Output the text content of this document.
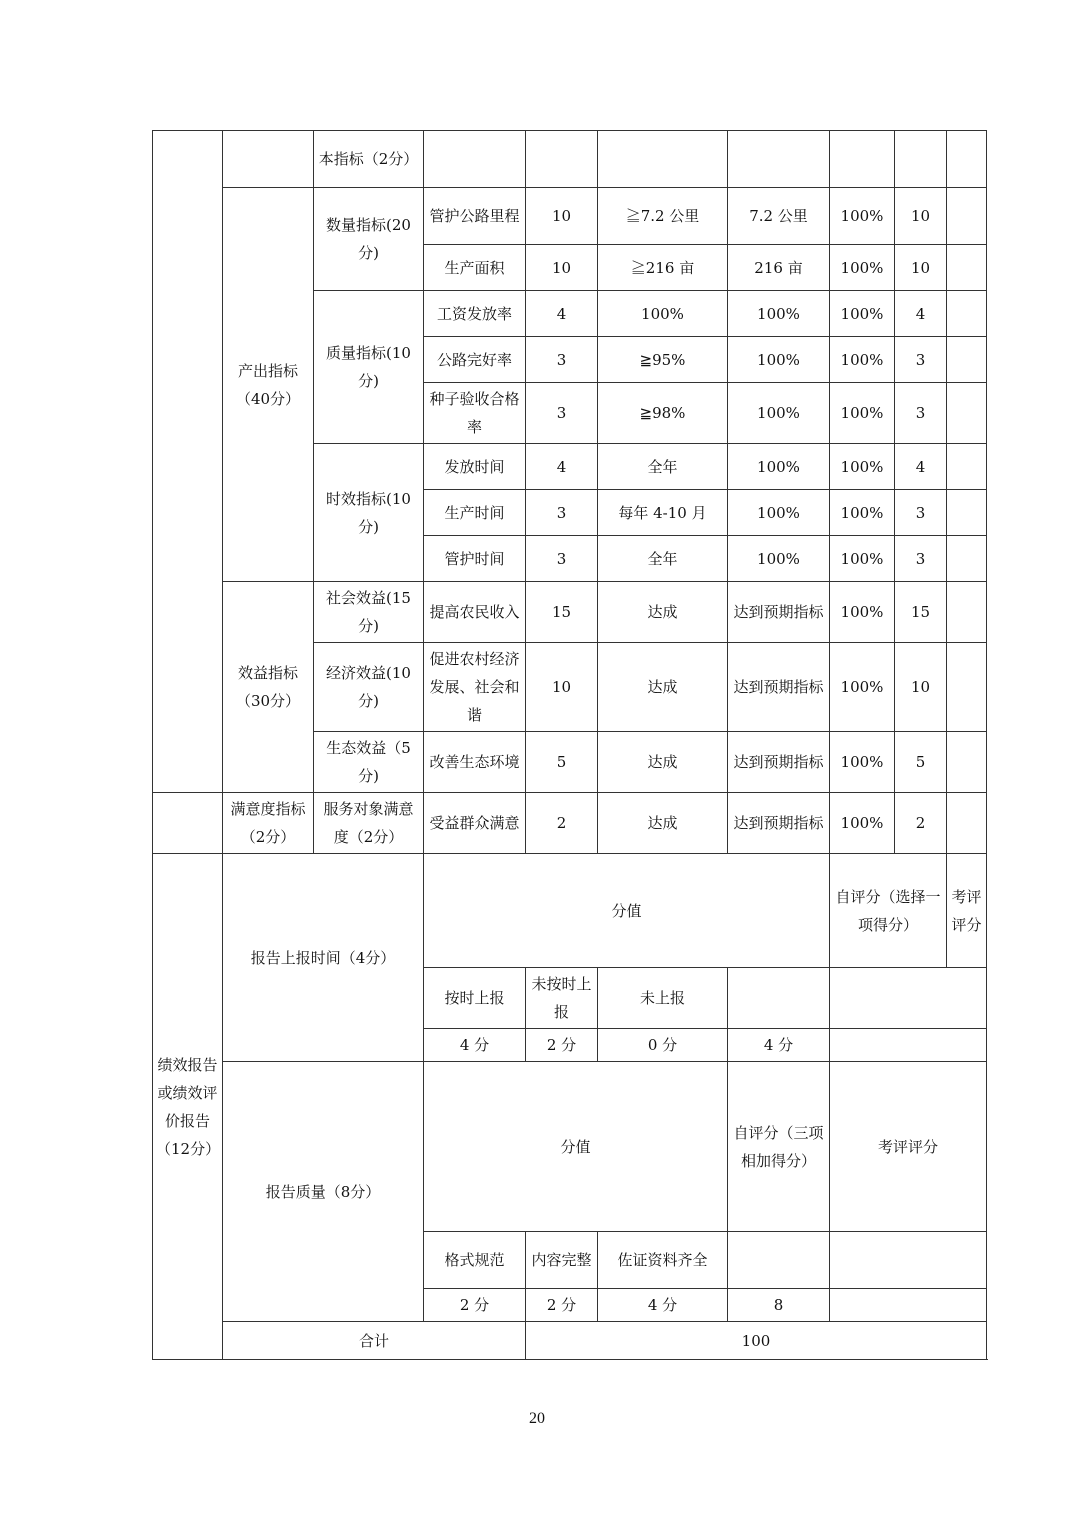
		本指标（2分）							
	产出指标（40分）	数量指标(20分)	管护公路里程	10	≧7.2 公里	7.2 公里	100%	10	
			生产面积	10	≧216 亩	216 亩	100%	10	
		质量指标(10分)	工资发放率	4	100%	100%	100%	4	
			公路完好率	3	≧95%	100%	100%	3	
			种子验收合格率	3	≧98%	100%	100%	3	
		时效指标(10分)	发放时间	4	全年	100%	100%	4	
			生产时间	3	每年 4-10 月	100%	100%	3	
			管护时间	3	全年	100%	100%	3	
	效益指标（30分）	社会效益(15分)	提高农民收入	15	达成	达到预期指标	100%	15	
		经济效益(10分)	促进农村经济发展、社会和谐	10	达成	达到预期指标	100%	10	
		生态效益（5分)	改善生态环境	5	达成	达到预期指标	100%	5	
	满意度指标（2分）	服务对象满意度（2分）	受益群众满意	2	达成	达到预期指标	100%	2	
绩效报告或绩效评价报告（12分）	报告上报时间（4分）		分值				自评分（选择一项得分）		考评评分
			按时上报	未按时上报	未上报				
			4 分	2 分	0 分	4 分			
	报告质量（8分）		分值			自评分（三项相加得分）	考评评分		
			格式规范	内容完整	佐证资料齐全				
			2 分	2 分	4 分	8			
	合计			100					
20
